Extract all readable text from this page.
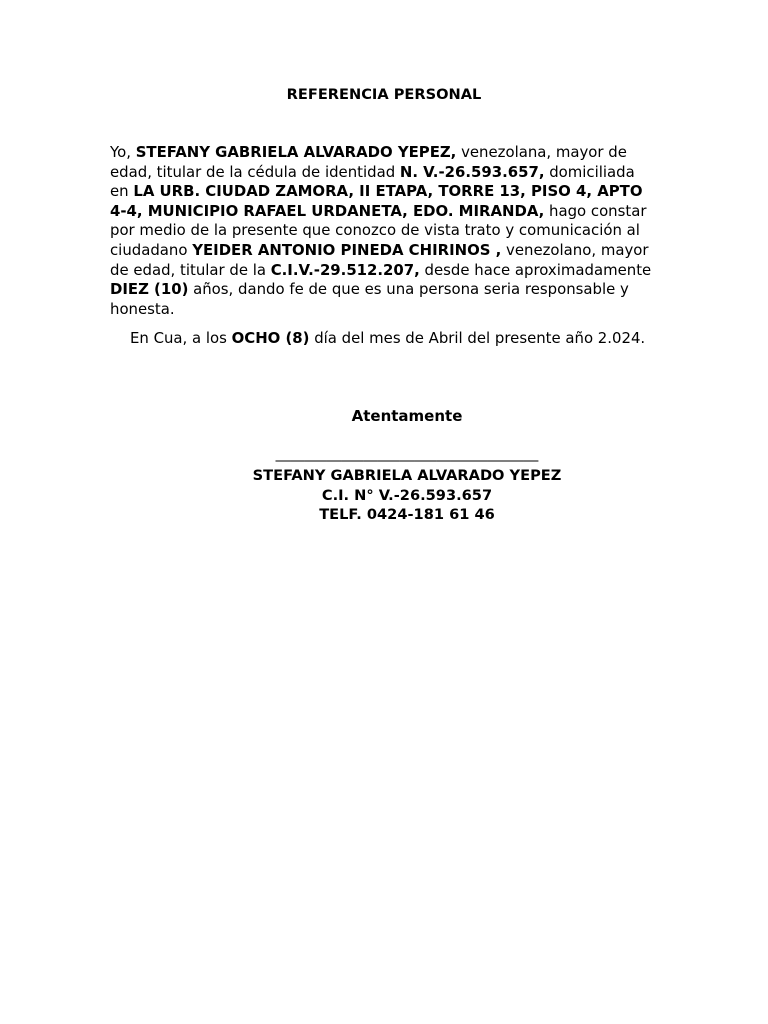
REFERENCIA PERSONAL
Yo, STEFANY GABRIELA ALVARADO YEPEZ, venezolana, mayor de edad, titular de la cédula de identidad N. V.-26.593.657, domiciliada en LA URB. CIUDAD ZAMORA, II ETAPA, TORRE 13, PISO 4, APTO 4-4, MUNICIPIO RAFAEL URDANETA, EDO. MIRANDA, hago constar por medio de la presente que conozco de vista trato y comunicación al ciudadano YEIDER ANTONIO PINEDA CHIRINOS , venezolano, mayor de edad, titular de la C.I.V.-29.512.207, desde hace aproximadamente DIEZ (10) años, dando fe de que es una persona seria responsable y honesta.
En Cua, a los OCHO (8) día del mes de Abril del presente año 2.024.
Atentamente
____________________________________
STEFANY GABRIELA ALVARADO YEPEZ
C.I. N° V.-26.593.657
TELF. 0424-181 61 46
